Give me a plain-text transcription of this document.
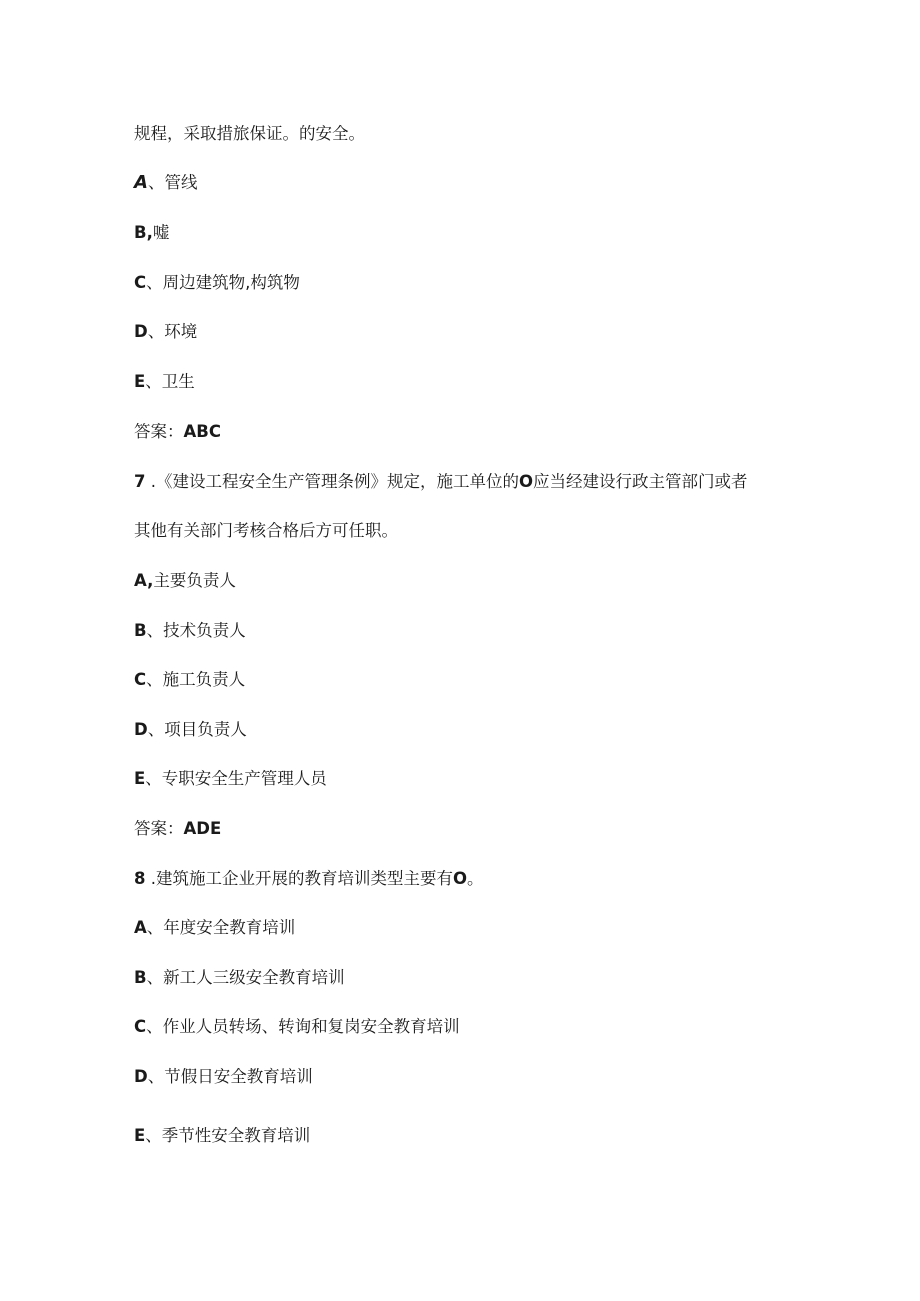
规程，采取措旅保证。的安全。
A、管线
B,嘘
C、周边建筑物,构筑物
D、环境
E、卫生
答案：ABC
7 .《建设工程安全生产管理条例》规定，施工单位的O应当经建设行政主管部门或者
其他有关部门考核合格后方可任职。
A,主要负责人
B、技术负责人
C、施工负责人
D、项目负责人
E、专职安全生产管理人员
答案：ADE
8 .建筑施工企业开展的教育培训类型主要有O。
A、年度安全教育培训
B、新工人三级安全教育培训
C、作业人员转场、转询和复岗安全教育培训
D、节假日安全教育培训
E、季节性安全教育培训
